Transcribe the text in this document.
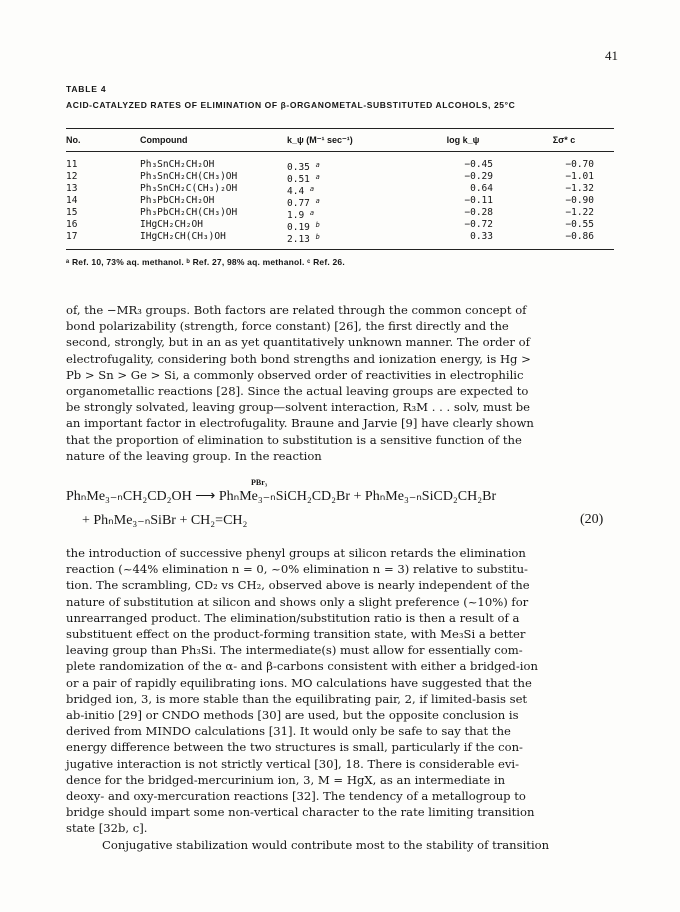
41
TABLE 4
ACID-CATALYZED RATES OF ELIMINATION OF β-ORGANOMETAL-SUBSTITUTED ALCOHOLS, 25°C
No.	Compound	k_ψ (M⁻¹ sec⁻¹)	log k_ψ	Σσ* c
11	Ph₃SnCH₂CH₂OH	0.35 $^a$	−0.45	−0.70
12	Ph₃SnCH₂CH(CH₃)OH	0.51 $^a$	−0.29	−1.01
13	Ph₃SnCH₂C(CH₃)₂OH	4.4 $^a$	0.64	−1.32
14	Ph₃PbCH₂CH₂OH	0.77 $^a$	−0.11	−0.90
15	Ph₃PbCH₂CH(CH₃)OH	1.9 $^a$	−0.28	−1.22
16	IHgCH₂CH₂OH	0.19 $^b$	−0.72	−0.55
17	IHgCH₂CH(CH₃)OH	2.13 $^b$	0.33	−0.86
ᵃ Ref. 10, 73% aq. methanol. ᵇ Ref. 27, 98% aq. methanol. ᶜ Ref. 26.
of, the −MR₃ groups. Both factors are related through the common concept of
bond polarizability (strength, force constant) [26], the first directly and the
second, strongly, but in an as yet quantitatively unknown manner. The order of
electrofugality, considering both bond strengths and ionization energy, is Hg >
Pb > Sn > Ge > Si, a commonly observed order of reactivities in electrophilic
organometallic reactions [28]. Since the actual leaving groups are expected to
be strongly solvated, leaving group—solvent interaction, R₃M . . . solv, must be
an important factor in electrofugality. Braune and Jarvie [9] have clearly shown
that the proportion of elimination to substitution is a sensitive function of the
nature of the leaving group. In the reaction
PBr₃
PhₙMe₃₋ₙCH₂CD₂OH ⟶ PhₙMe₃₋ₙSiCH₂CD₂Br + PhₙMe₃₋ₙSiCD₂CH₂Br
+ PhₙMe₃₋ₙSiBr + CH₂=CH₂	(20)
the introduction of successive phenyl groups at silicon retards the elimination
reaction (~44% elimination n = 0, ~0% elimination n = 3) relative to substitu-
tion. The scrambling, CD₂ vs CH₂, observed above is nearly independent of the
nature of substitution at silicon and shows only a slight preference (~10%) for
unrearranged product. The elimination/substitution ratio is then a result of a
substituent effect on the product-forming transition state, with Me₃Si a better
leaving group than Ph₃Si. The intermediate(s) must allow for essentially com-
plete randomization of the α- and β-carbons consistent with either a bridged-ion
or a pair of rapidly equilibrating ions. MO calculations have suggested that the
bridged ion, 3, is more stable than the equilibrating pair, 2, if limited-basis set
ab-initio [29] or CNDO methods [30] are used, but the opposite conclusion is
derived from MINDO calculations [31]. It would only be safe to say that the
energy difference between the two structures is small, particularly if the con-
jugative interaction is not strictly vertical [30], 18. There is considerable evi-
dence for the bridged-mercurinium ion, 3, M = HgX, as an intermediate in
deoxy- and oxy-mercuration reactions [32]. The tendency of a metallogroup to
bridge should impart some non-vertical character to the rate limiting transition
state [32b, c].
Conjugative stabilization would contribute most to the stability of transition
